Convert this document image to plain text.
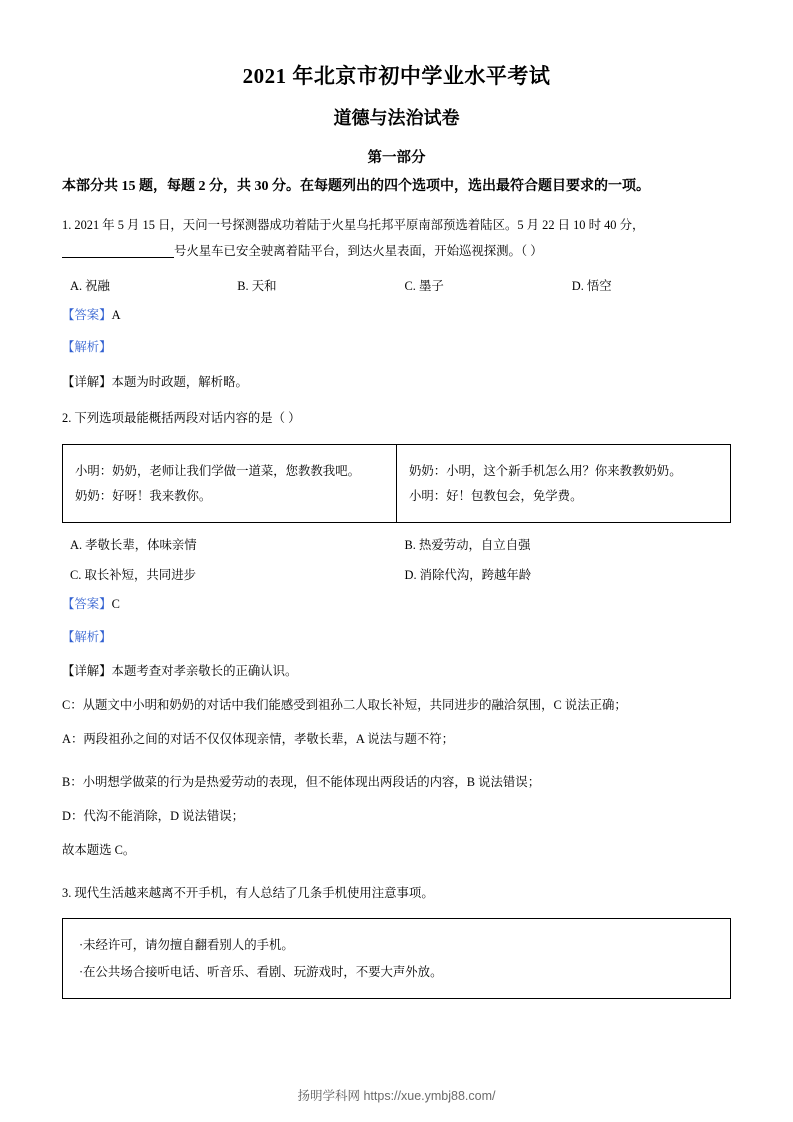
2021 年北京市初中学业水平考试
道德与法治试卷
第一部分
本部分共 15 题，每题 2 分，共 30 分。在每题列出的四个选项中，选出最符合题目要求的一项。
1. 2021 年 5 月 15 日，天问一号探测器成功着陆于火星乌托邦平原南部预选着陆区。5 月 22 日 10 时 40 分，
号火星车已安全驶离着陆平台，到达火星表面，开始巡视探测。（ ）
A. 祝融	B. 天和	C. 墨子	D. 悟空
【答案】A
【解析】
【详解】本题为时政题，解析略。
2. 下列选项最能概括两段对话内容的是（ ）
小明：奶奶，老师让我们学做一道菜，您教教我吧。
奶奶：好呀！我来教你。

奶奶：小明，这个新手机怎么用？你来教教奶奶。
小明：好！包教包会，免学费。
A. 孝敬长辈，体味亲情	B. 热爱劳动，自立自强
C. 取长补短，共同进步	D. 消除代沟，跨越年龄
【答案】C
【解析】
【详解】本题考查对孝亲敬长的正确认识。
C：从题文中小明和奶奶的对话中我们能感受到祖孙二人取长补短，共同进步的融洽氛围，C 说法正确；
A：两段祖孙之间的对话不仅仅体现亲情，孝敬长辈，A 说法与题不符；
B：小明想学做菜的行为是热爱劳动的表现，但不能体现出两段话的内容，B 说法错误；
D：代沟不能消除，D 说法错误；
故本题选 C。
3. 现代生活越来越离不开手机，有人总结了几条手机使用注意事项。
·未经许可，请勿擅自翻看别人的手机。
·在公共场合接听电话、听音乐、看剧、玩游戏时，不要大声外放。
扬明学科网 https://xue.ymbj88.com/
